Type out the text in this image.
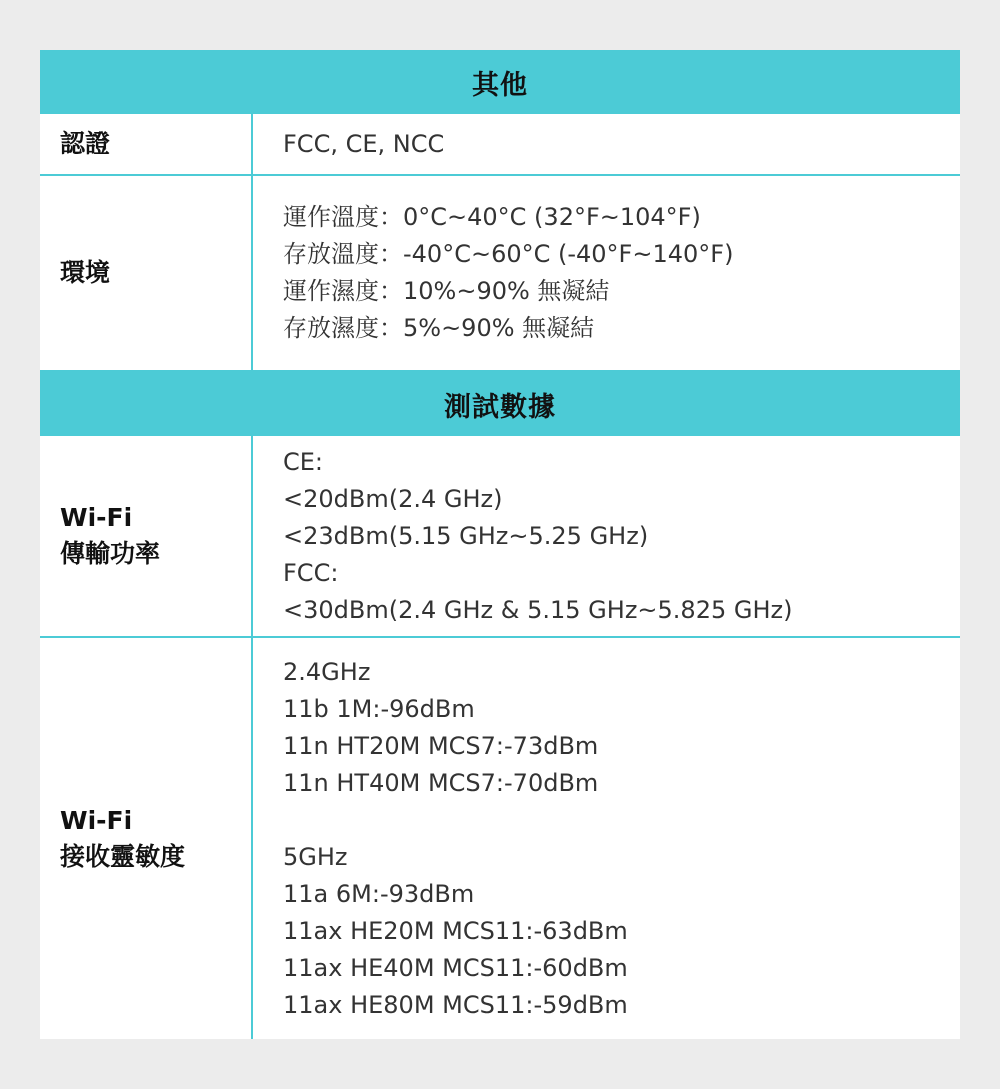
其他
認證	FCC, CE, NCC
環境
運作溫度：0°C~40°C (32°F~104°F)
存放溫度：-40°C~60°C (-40°F~140°F)
運作濕度：10%~90% 無凝結
存放濕度：5%~90% 無凝結
測試數據
Wi-Fi
傳輸功率
CE:
<20dBm(2.4 GHz)
<23dBm(5.15 GHz~5.25 GHz)
FCC:
<30dBm(2.4 GHz & 5.15 GHz~5.825 GHz)
Wi-Fi
接收靈敏度
2.4GHz
11b 1M:-96dBm
11n HT20M MCS7:-73dBm
11n HT40M MCS7:-70dBm
5GHz
11a 6M:-93dBm
11ax HE20M MCS11:-63dBm
11ax HE40M MCS11:-60dBm
11ax HE80M MCS11:-59dBm
